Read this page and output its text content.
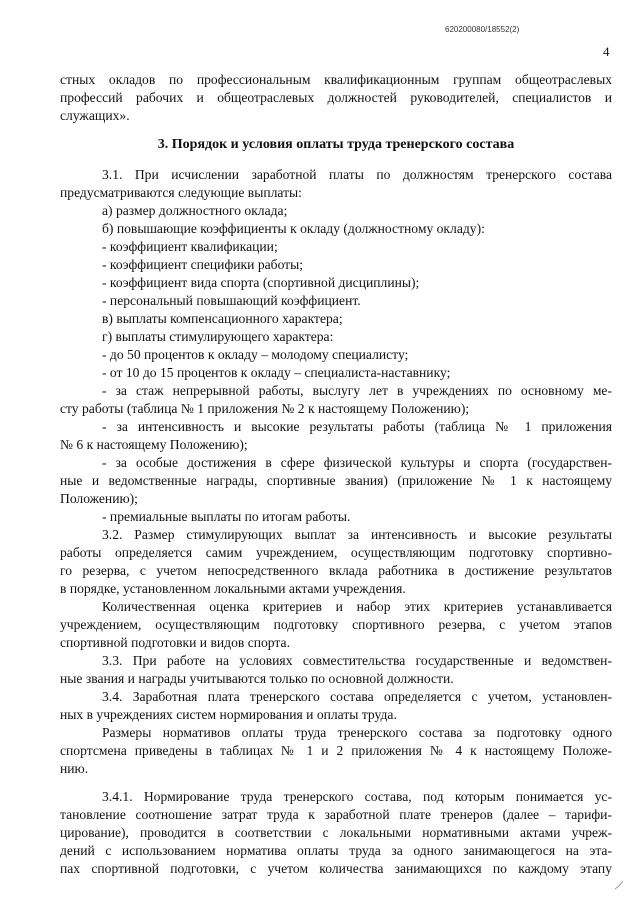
620200080/18552(2)
4
стных окладов по профессиональным квалификационным группам общеотраслевых
профессий рабочих и общеотраслевых должностей руководителей, специалистов и
служащих».
3. Порядок и условия оплаты труда тренерского состава
3.1. При исчислении заработной платы по должностям тренерского состава
предусматриваются следующие выплаты:
а) размер должностного оклада;
б) повышающие коэффициенты к окладу (должностному окладу):
- коэффициент квалификации;
- коэффициент специфики работы;
- коэффициент вида спорта (спортивной дисциплины);
- персональный повышающий коэффициент.
в) выплаты компенсационного характера;
г) выплаты стимулирующего характера:
- до 50 процентов к окладу – молодому специалисту;
- от 10 до 15 процентов к окладу – специалиста-наставнику;
- за стаж непрерывной работы, выслугу лет в учреждениях по основному ме-
сту работы (таблица № 1 приложения № 2 к настоящему Положению);
- за интенсивность и высокие результаты работы (таблица № 1 приложения
№ 6 к настоящему Положению);
- за особые достижения в сфере физической культуры и спорта (государствен-
ные и ведомственные награды, спортивные звания) (приложение № 1 к настоящему
Положению);
- премиальные выплаты по итогам работы.
3.2. Размер стимулирующих выплат за интенсивность и высокие результаты
работы определяется самим учреждением, осуществляющим подготовку спортивно-
го резерва, с учетом непосредственного вклада работника в достижение результатов
в порядке, установленном локальными актами учреждения.
Количественная оценка критериев и набор этих критериев устанавливается
учреждением, осуществляющим подготовку спортивного резерва, с учетом этапов
спортивной подготовки и видов спорта.
3.3. При работе на условиях совместительства государственные и ведомствен-
ные звания и награды учитываются только по основной должности.
3.4. Заработная плата тренерского состава определяется с учетом, установлен-
ных в учреждениях систем нормирования и оплаты труда.
Размеры нормативов оплаты труда тренерского состава за подготовку одного
спортсмена приведены в таблицах № 1 и 2 приложения № 4 к настоящему Положе-
нию.
3.4.1. Нормирование труда тренерского состава, под которым понимается ус-
тановление соотношение затрат труда к заработной плате тренеров (далее – тарифи-
цирование), проводится в соответствии с локальными нормативными актами учреж-
дений с использованием норматива оплаты труда за одного занимающегося на эта-
пах спортивной подготовки, с учетом количества занимающихся по каждому этапу
